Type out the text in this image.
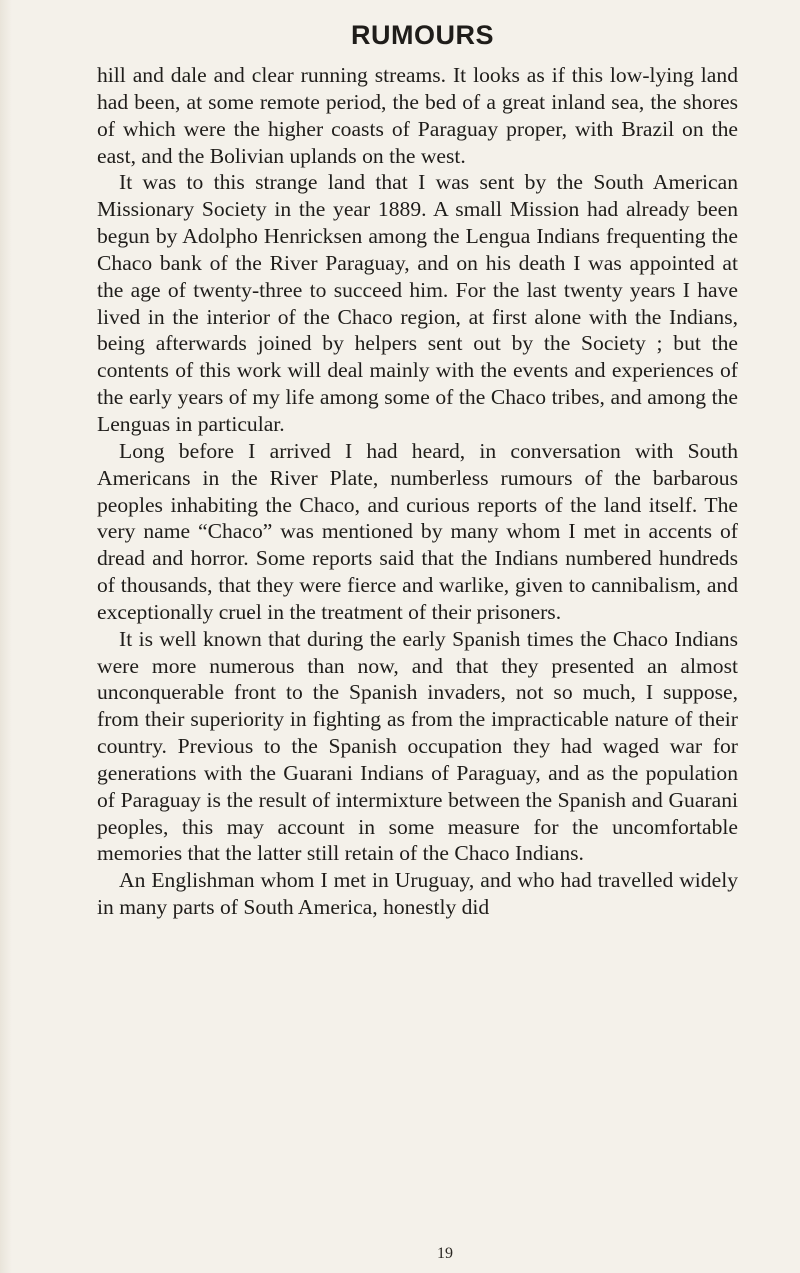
RUMOURS

hill and dale and clear running streams. It looks as if this low-lying land had been, at some remote period, the bed of a great inland sea, the shores of which were the higher coasts of Paraguay proper, with Brazil on the east, and the Bolivian uplands on the west.

It was to this strange land that I was sent by the South American Missionary Society in the year 1889. A small Mission had already been begun by Adolpho Henricksen among the Lengua Indians frequenting the Chaco bank of the River Paraguay, and on his death I was appointed at the age of twenty-three to succeed him. For the last twenty years I have lived in the interior of the Chaco region, at first alone with the Indians, being afterwards joined by helpers sent out by the Society ; but the contents of this work will deal mainly with the events and experiences of the early years of my life among some of the Chaco tribes, and among the Lenguas in particular.

Long before I arrived I had heard, in conversation with South Americans in the River Plate, numberless rumours of the barbarous peoples inhabiting the Chaco, and curious reports of the land itself. The very name “Chaco” was mentioned by many whom I met in accents of dread and horror. Some reports said that the Indians numbered hundreds of thousands, that they were fierce and warlike, given to cannibalism, and exceptionally cruel in the treatment of their prisoners.

It is well known that during the early Spanish times the Chaco Indians were more numerous than now, and that they presented an almost unconquerable front to the Spanish invaders, not so much, I suppose, from their superiority in fighting as from the impracticable nature of their country. Previous to the Spanish occupation they had waged war for generations with the Guarani Indians of Paraguay, and as the population of Paraguay is the result of intermixture between the Spanish and Guarani peoples, this may account in some measure for the uncomfortable memories that the latter still retain of the Chaco Indians.

An Englishman whom I met in Uruguay, and who had travelled widely in many parts of South America, honestly did

19
